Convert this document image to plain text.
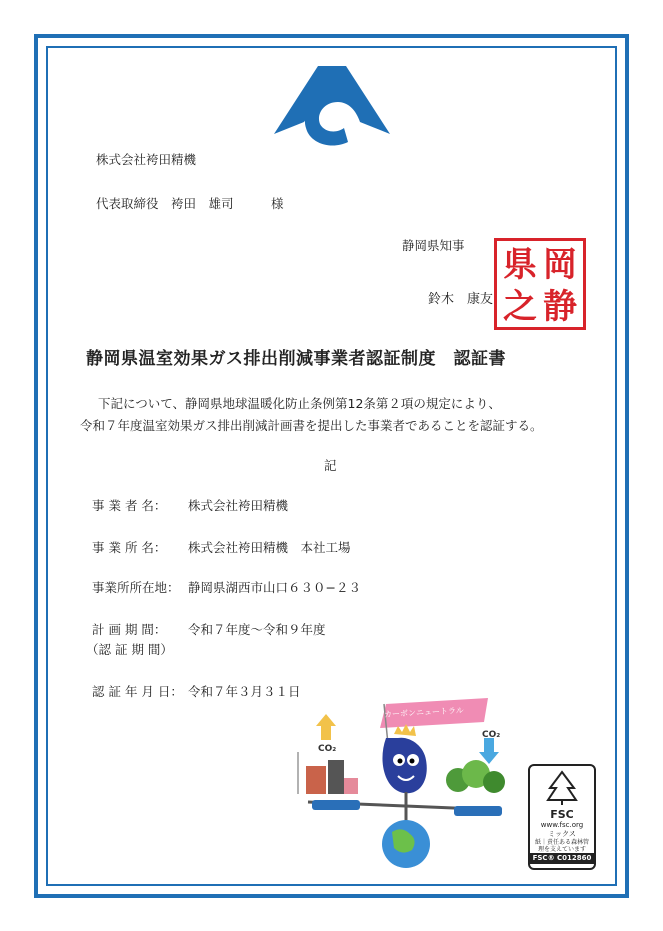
株式会社袴田精機
代表取締役　袴田　雄司　　　様
静岡県知事
鈴木　康友
県 岡
之 静
静岡県温室効果ガス排出削減事業者認証制度　認証書
下記について、静岡県地球温暖化防止条例第12条第２項の規定により、
令和７年度温室効果ガス排出削減計画書を提出した事業者であることを認証する。
記
事 業 者 名： 株式会社袴田精機
事 業 所 名： 株式会社袴田精機　本社工場
事業所所在地： 静岡県湖西市山口６３０−２３
計 画 期 間： 令和７年度〜令和９年度
（認 証 期 間）
認 証 年 月 日： 令和７年３月３１日
カーボンニュートラル
CO₂
CO₂
FSC
www.fsc.org
ミックス
紙｜責任ある森林管理を支えています
FSC® C012860
